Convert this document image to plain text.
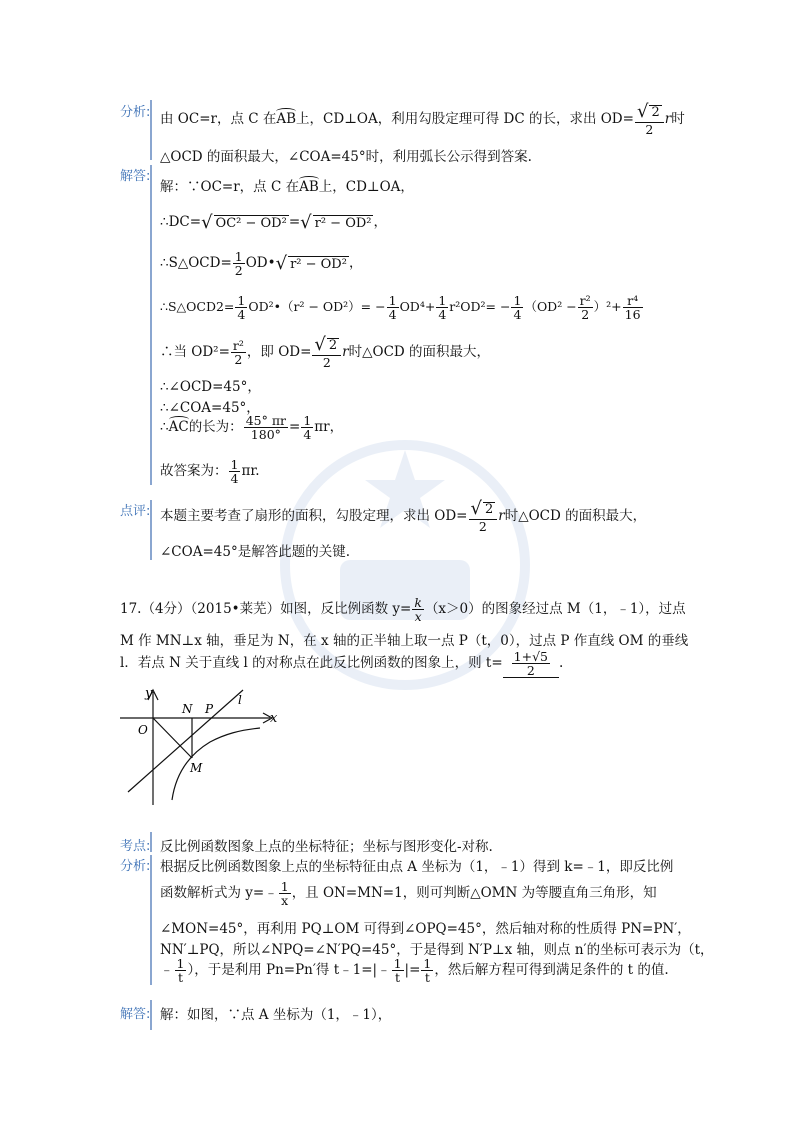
分析: 由 OC=r，点 C 在AB上，CD⊥OA，利用勾股定理可得 DC 的长，求出 $OD= \frac{√ 2}{2}$ r时
△OCD 的面积最大，∠COA=45°时，利用弧长公示得到答案.
解答:
解：∵OC=r，点 C 在AB上，CD⊥OA，
∴DC=√ OC² − OD² =√ r² − OD² ，
∴S△OCD= $\frac{1}{2}$ OD•√ r² − OD² ，
∴S△OCD2= $\frac{1}{4}$ OD²•（r² − $OD^2)= - \frac{1}{4} OD^4+ \frac{1}{4} r^2OD^2= - \frac{1}{4} (OD^2 - \frac{\text{r²}}{2} )^2+ \frac{\text{r⁴}}{16}$
∴当 $OD^2= \frac{\text{r²}}{2}$ ，即 $OD= \frac{√ 2}{2}$ r时△OCD 的面积最大，
∴∠OCD=45°，
∴∠COA=45°，
∴AC的长为： $\frac{45^\circ \pi r}{180^\circ} = \frac{1}{4}$ πr，
故答案为： $\frac{1}{4} \pi r$.
点评: 本题主要考查了扇形的面积，勾股定理，求出 $OD= \frac{√ 2}{2}$ r时△OCD 的面积最大，
∠COA=45°是解答此题的关键.
17.（4分）（2015•莱芜）如图，反比例函数 $y= \frac{k}{x} (x>0)$的图象经过点 M（1，﹣1），过点
M 作 MN⊥x 轴，垂足为 N，在 x 轴的正半轴上取一点 P（t，0），过点 P 作直线 OM 的垂线
l．若点 N 关于直线 l 的对称点在此反比例函数的图象上，则 $t= \frac{1+√5}{2}$ .
y
x
O
N P
l
M
考点: 反比例函数图象上点的坐标特征；坐标与图形变化-对称.
分析: 根据反比例函数图象上点的坐标特征由点 A 坐标为（1，﹣1）得到 k=﹣1，即反比例
函数解析式为 y=﹣ $\frac{1}{x}$ ，且 ON=MN=1，则可判断△OMN 为等腰直角三角形，知
∠MON=45°，再利用 PQ⊥OM 可得到∠OPQ=45°，然后轴对称的性质得 PN=PN′，
NN′⊥PQ，所以∠NPQ=∠N′PQ=45°，于是得到 N′P⊥x 轴，则点 n′的坐标可表示为（t，
﹣ $\frac{1}{t}$ ），于是利用 Pn=Pn′得 t﹣1=|﹣ $\frac{1}{t}$ |= $\frac{1}{t}$ ，然后解方程可得到满足条件的 t 的值.
解答: 解：如图，∵点 A 坐标为（1，﹣1），
